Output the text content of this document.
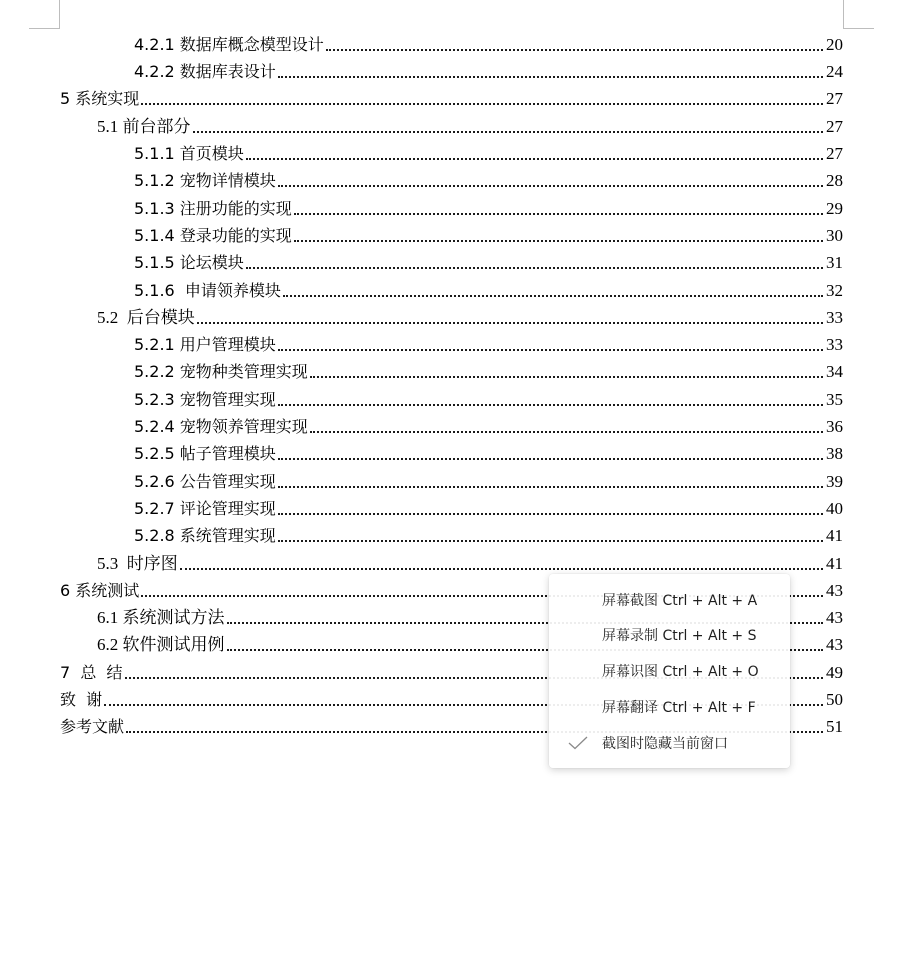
4.2.1 数据库概念模型设计	20
4.2.2 数据库表设计	24
5 系统实现	27
5.1 前台部分	27
5.1.1 首页模块	27
5.1.2 宠物详情模块	28
5.1.3 注册功能的实现	29
5.1.4 登录功能的实现	30
5.1.5 论坛模块	31
5.1.6  申请领养模块	32
5.2  后台模块	33
5.2.1 用户管理模块	33
5.2.2 宠物种类管理实现	34
5.2.3 宠物管理实现	35
5.2.4 宠物领养管理实现	36
5.2.5 帖子管理模块	38
5.2.6 公告管理实现	39
5.2.7 评论管理实现	40
5.2.8 系统管理实现	41
5.3  时序图	41
6 系统测试	43
6.1 系统测试方法	43
6.2 软件测试用例	43
7  总  结	49
致  谢	50
参考文献	51
屏幕截图 Ctrl + Alt + A
屏幕录制 Ctrl + Alt + S
屏幕识图 Ctrl + Alt + O
屏幕翻译 Ctrl + Alt + F
截图时隐藏当前窗口
